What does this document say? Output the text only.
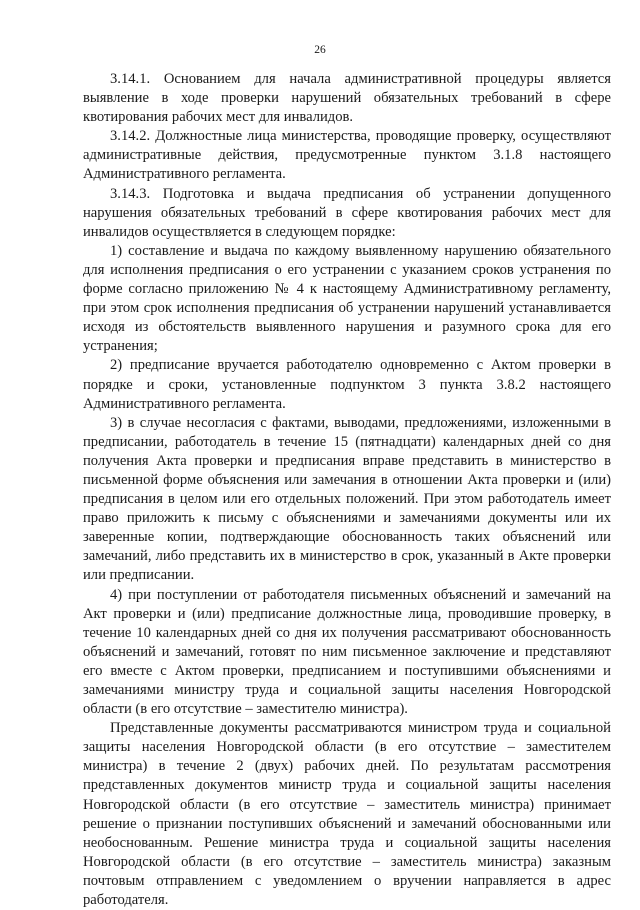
26

3.14.1. Основанием для начала административной процедуры является выявление в ходе проверки нарушений обязательных требований в сфере квотирования рабочих мест для инвалидов.

3.14.2. Должностные лица министерства, проводящие проверку, осуществляют административные действия, предусмотренные пунктом 3.1.8 настоящего Административного регламента.

3.14.3. Подготовка и выдача предписания об устранении допущенного нарушения обязательных требований в сфере квотирования рабочих мест для инвалидов осуществляется в следующем порядке:

1) составление и выдача по каждому выявленному нарушению обязательного для исполнения предписания о его устранении с указанием сроков устранения по форме согласно приложению № 4 к настоящему Административному регламенту, при этом срок исполнения предписания об устранении нарушений устанавливается исходя из обстоятельств выявленного нарушения и разумного срока для его устранения;

2) предписание вручается работодателю одновременно с Актом проверки в порядке и сроки, установленные подпунктом 3 пункта 3.8.2 настоящего Административного регламента.

3) в случае несогласия с фактами, выводами, предложениями, изложенными в предписании, работодатель в течение 15 (пятнадцати) календарных дней со дня получения Акта проверки и предписания вправе представить в министерство в письменной форме объяснения или замечания в отношении Акта проверки и (или) предписания в целом или его отдельных положений. При этом работодатель имеет право приложить к письму с объяснениями и замечаниями документы или их заверенные копии, подтверждающие обоснованность таких объяснений или замечаний, либо представить их в министерство в срок, указанный в Акте проверки или предписании.

4) при поступлении от работодателя письменных объяснений и замечаний на Акт проверки и (или) предписание должностные лица, проводившие проверку, в течение 10 календарных дней со дня их получения рассматривают обоснованность объяснений и замечаний, готовят по ним письменное заключение и представляют его вместе с Актом проверки, предписанием и поступившими объяснениями и замечаниями министру труда и социальной защиты населения Новгородской области (в его отсутствие – заместителю министра).

Представленные документы рассматриваются министром труда и социальной защиты населения Новгородской области (в его отсутствие – заместителем министра) в течение 2 (двух) рабочих дней. По результатам рассмотрения представленных документов министр труда и социальной защиты населения Новгородской области (в его отсутствие – заместитель министра) принимает решение о признании поступивших объяснений и замечаний обоснованными или необоснованным. Решение министра труда и социальной защиты населения Новгородской области (в его отсутствие – заместитель министра) заказным почтовым отправлением с уведомлением о вручении направляется в адрес работодателя.
